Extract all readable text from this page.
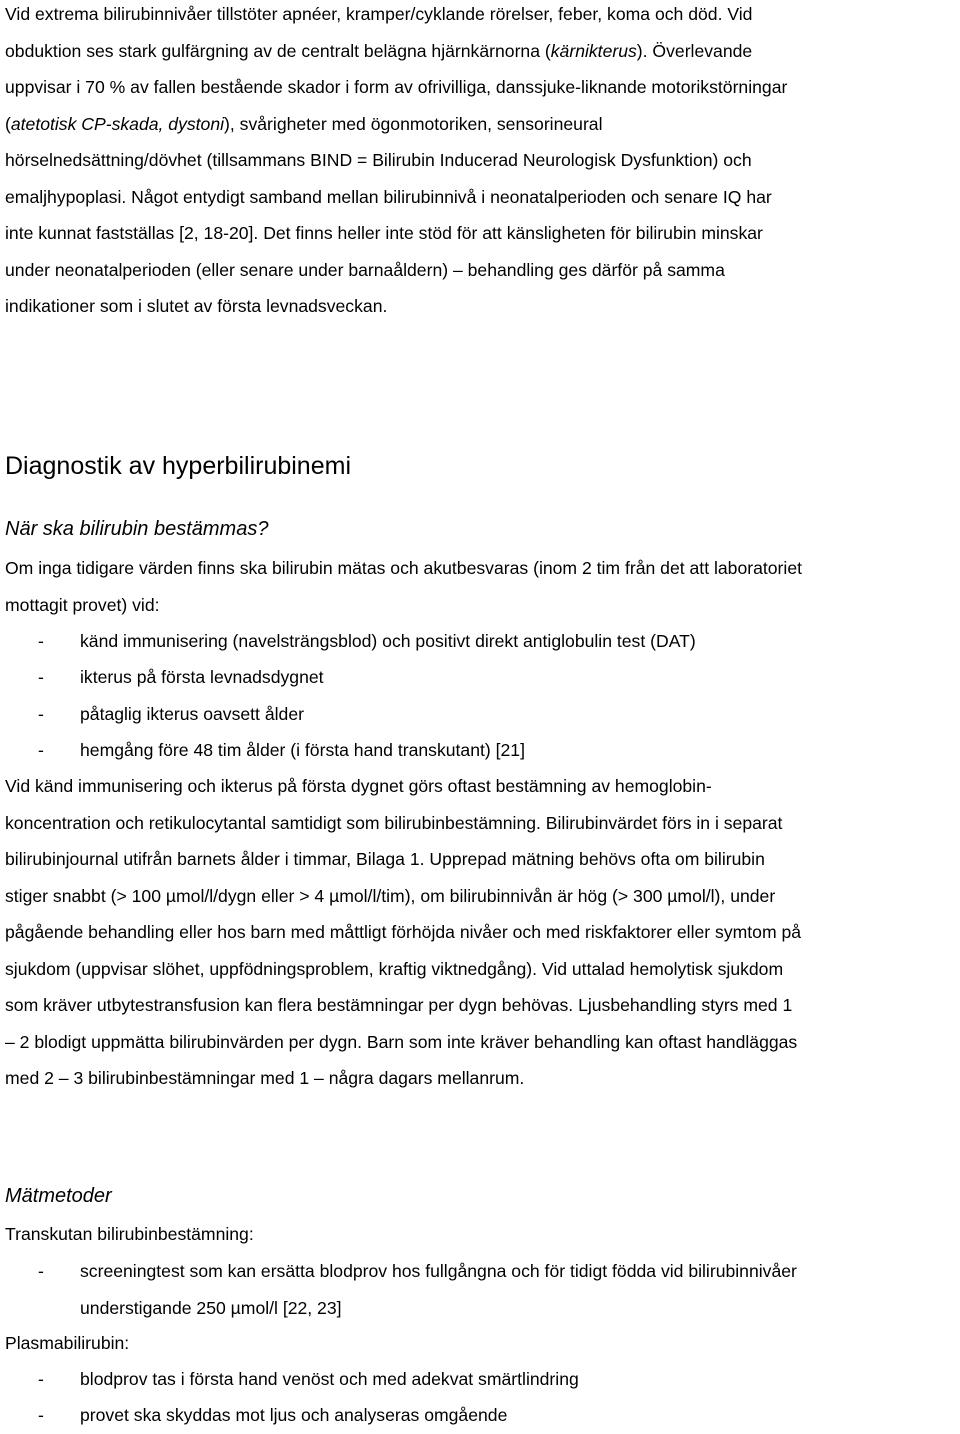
Vid extrema bilirubinnivåer tillstöter apnéer, kramper/cyklande rörelser, feber, koma och död. Vid
obduktion ses stark gulfärgning av de centralt belägna hjärnkärnorna (kärnikterus). Överlevande
uppvisar i 70 % av fallen bestående skador i form av ofrivilliga, danssjuke-liknande motorikstörningar
(atetotisk CP-skada, dystoni), svårigheter med ögonmotoriken, sensorineural
hörselnedsättning/dövhet (tillsammans BIND = Bilirubin Inducerad Neurologisk Dysfunktion) och
emaljhypoplasi. Något entydigt samband mellan bilirubinnivå i neonatalperioden och senare IQ har
inte kunnat fastställas [2, 18-20]. Det finns heller inte stöd för att känsligheten för bilirubin minskar
under neonatalperioden (eller senare under barnaåldern) – behandling ges därför på samma
indikationer som i slutet av första levnadsveckan.
Diagnostik av hyperbilirubinemi
När ska bilirubin bestämmas?
Om inga tidigare värden finns ska bilirubin mätas och akutbesvaras (inom 2 tim från det att laboratoriet
mottagit provet) vid:
- känd immunisering (navelsträngsblod) och positivt direkt antiglobulin test (DAT)
- ikterus på första levnadsdygnet
- påtaglig ikterus oavsett ålder
- hemgång före 48 tim ålder (i första hand transkutant) [21]
Vid känd immunisering och ikterus på första dygnet görs oftast bestämning av hemoglobin-
koncentration och retikulocytantal samtidigt som bilirubinbestämning. Bilirubinvärdet förs in i separat
bilirubinjournal utifrån barnets ålder i timmar, Bilaga 1. Upprepad mätning behövs ofta om bilirubin
stiger snabbt (> 100 µmol/l/dygn eller > 4 µmol/l/tim), om bilirubinnivån är hög (> 300 µmol/l), under
pågående behandling eller hos barn med måttligt förhöjda nivåer och med riskfaktorer eller symtom på
sjukdom (uppvisar slöhet, uppfödningsproblem, kraftig viktnedgång). Vid uttalad hemolytisk sjukdom
som kräver utbytestransfusion kan flera bestämningar per dygn behövas. Ljusbehandling styrs med 1
– 2 blodigt uppmätta bilirubinvärden per dygn. Barn som inte kräver behandling kan oftast handläggas
med 2 – 3 bilirubinbestämningar med 1 – några dagars mellanrum.
Mätmetoder
Transkutan bilirubinbestämning:
- screeningtest som kan ersätta blodprov hos fullgångna och för tidigt födda vid bilirubinnivåer
understigande 250 µmol/l [22, 23]
Plasmabilirubin:
- blodprov tas i första hand venöst och med adekvat smärtlindring
- provet ska skyddas mot ljus och analyseras omgående
